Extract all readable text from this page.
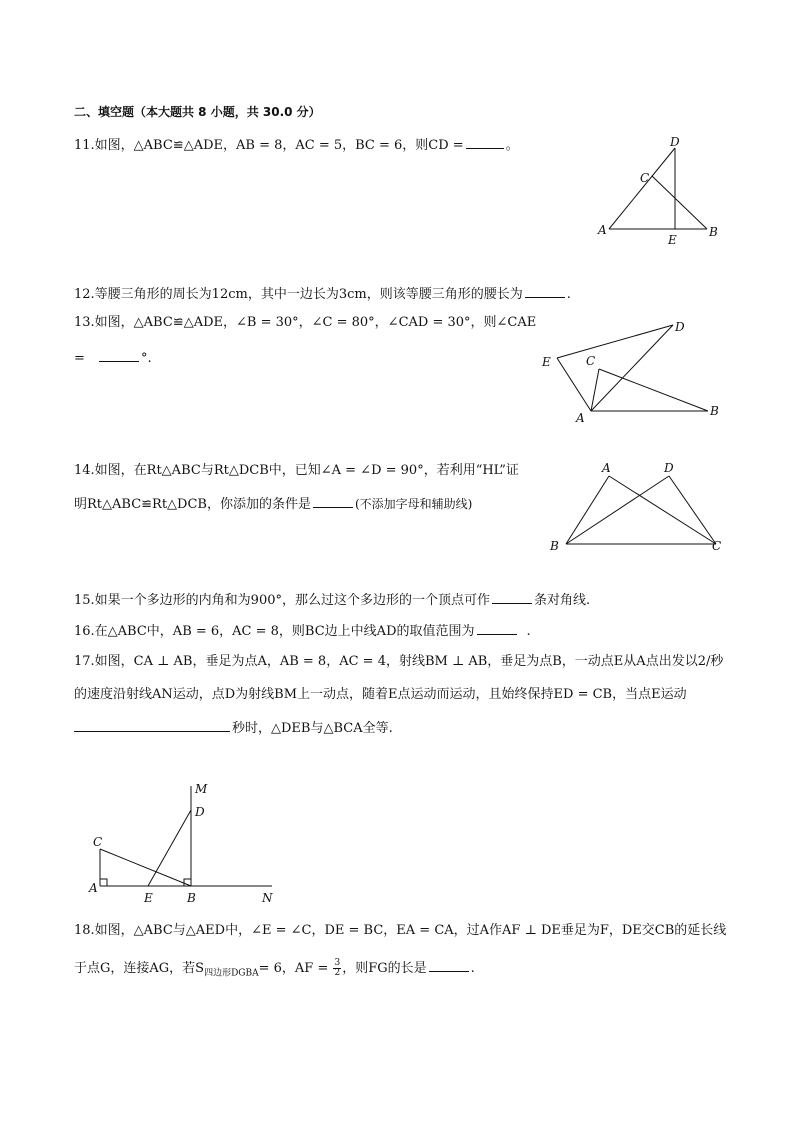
二、填空题（本大题共 8 小题，共 30.0 分）
11.如图，△ABC≌△ADE，AB = 8，AC = 5，BC = 6，则CD =	。
A	B
C
D
E
12.等腰三角形的周长为12cm，其中一边长为3cm，则该等腰三角形的腰长为	.
13.如图，△ABC≌△ADE，∠B = 30°，∠C = 80°，∠CAD = 30°，则∠CAE
=	°.
A	B
C
D
E
14.如图，在Rt△ABC与Rt△DCB中，已知∠A = ∠D = 90°，若利用“HL”证
明Rt△ABC≌Rt△DCB，你添加的条件是	(不添加字母和辅助线)
A
B	C
D
15.如果一个多边形的内角和为900°，那么过这个多边形的一个顶点可作	条对角线.
16.在△ABC中，AB = 6，AC = 8，则BC边上中线AD的取值范围为	.
17.如图，CA ⊥ AB，垂足为点A，AB = 8，AC = 4，射线BM ⊥ AB，垂足为点B，一动点E从A点出发以2/秒
的速度沿射线AN运动，点D为射线BM上一动点，随着E点运动而运动，且始终保持ED = CB，当点E运动
秒时，△DEB与△BCA全等.
M
D
C
A
E	B	N
18.如图，△ABC与△AED中，∠E = ∠C，DE = BC，EA = CA，过A作AF ⊥ DE垂足为F，DE交CB的延长线
于点G，连接AG，若$S_{四边形DGBA}= 6$，AF = $\frac{3}{2}$ ，则FG的长是	.
